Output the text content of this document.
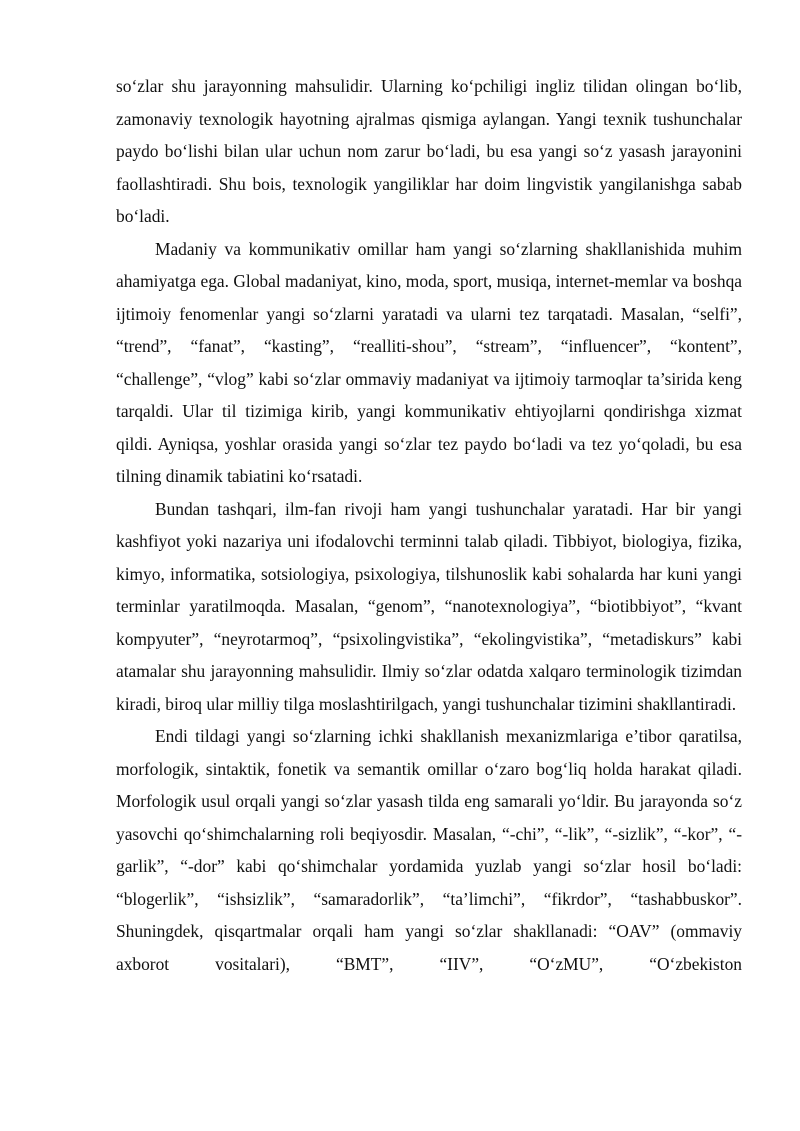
so‘zlar shu jarayonning mahsulidir. Ularning ko‘pchiligi ingliz tilidan olingan bo‘lib, zamonaviy texnologik hayotning ajralmas qismiga aylangan. Yangi texnik tushunchalar paydo bo‘lishi bilan ular uchun nom zarur bo‘ladi, bu esa yangi so‘z yasash jarayonini faollashtiradi. Shu bois, texnologik yangiliklar har doim lingvistik yangilanishga sabab bo‘ladi.

Madaniy va kommunikativ omillar ham yangi so‘zlarning shakllanishida muhim ahamiyatga ega. Global madaniyat, kino, moda, sport, musiqa, internet-memlar va boshqa ijtimoiy fenomenlar yangi so‘zlarni yaratadi va ularni tez tarqatadi. Masalan, “selfi”, “trend”, “fanat”, “kasting”, “realliti-shou”, “stream”, “influencer”, “kontent”, “challenge”, “vlog” kabi so‘zlar ommaviy madaniyat va ijtimoiy tarmoqlar ta’sirida keng tarqaldi. Ular til tizimiga kirib, yangi kommunikativ ehtiyojlarni qondirishga xizmat qildi. Ayniqsa, yoshlar orasida yangi so‘zlar tez paydo bo‘ladi va tez yo‘qoladi, bu esa tilning dinamik tabiatini ko‘rsatadi.

Bundan tashqari, ilm-fan rivoji ham yangi tushunchalar yaratadi. Har bir yangi kashfiyot yoki nazariya uni ifodalovchi terminni talab qiladi. Tibbiyot, biologiya, fizika, kimyo, informatika, sotsiologiya, psixologiya, tilshunoslik kabi sohalarda har kuni yangi terminlar yaratilmoqda. Masalan, “genom”, “nanotexnologiya”, “biotibbiyot”, “kvant kompyuter”, “neyrotarmoq”, “psixolingvistika”, “ekolingvistika”, “metadiskurs” kabi atamalar shu jarayonning mahsulidir. Ilmiy so‘zlar odatda xalqaro terminologik tizimdan kiradi, biroq ular milliy tilga moslashtirilgach, yangi tushunchalar tizimini shakllantiradi.

Endi tildagi yangi so‘zlarning ichki shakllanish mexanizmlariga e’tibor qaratilsa, morfologik, sintaktik, fonetik va semantik omillar o‘zaro bog‘liq holda harakat qiladi. Morfologik usul orqali yangi so‘zlar yasash tilda eng samarali yo‘ldir. Bu jarayonda so‘z yasovchi qo‘shimchalarning roli beqiyosdir. Masalan, “-chi”, “-lik”, “-sizlik”, “-kor”, “-garlik”, “-dor” kabi qo‘shimchalar yordamida yuzlab yangi so‘zlar hosil bo‘ladi: “blogerlik”, “ishsizlik”, “samaradorlik”, “ta’limchi”, “fikrdor”, “tashabbuskor”. Shuningdek, qisqartmalar orqali ham yangi so‘zlar shakllanadi: “OAV” (ommaviy axborot vositalari), “BMT”, “IIV”, “O‘zMU”, “O‘zbekiston
